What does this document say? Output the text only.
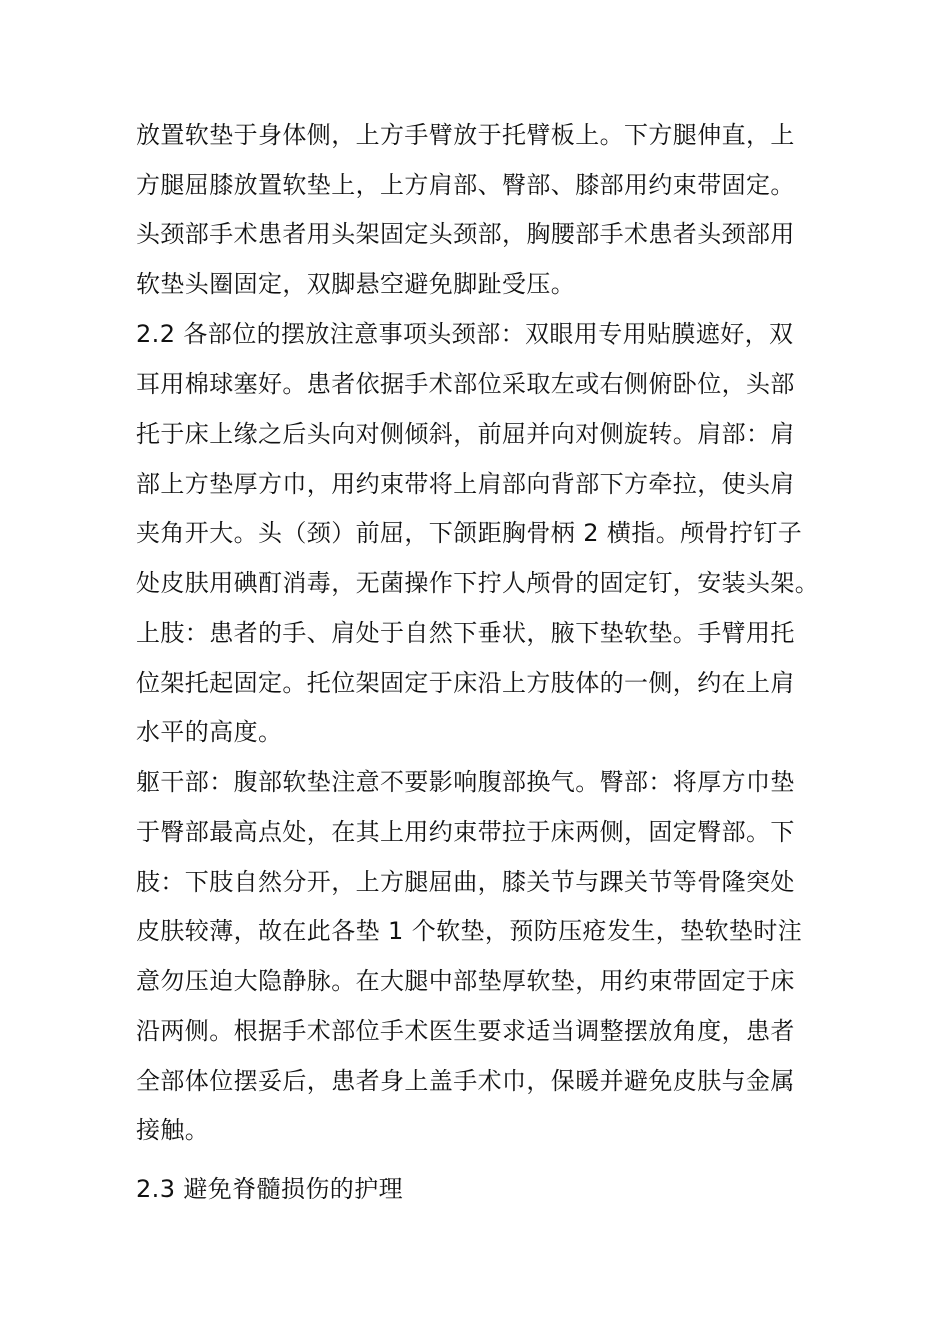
放置软垫于身体侧，上方手臂放于托臂板上。下方腿伸直，上

方腿屈膝放置软垫上，上方肩部、臀部、膝部用约束带固定。

头颈部手术患者用头架固定头颈部，胸腰部手术患者头颈部用

软垫头圈固定，双脚悬空避免脚趾受压。

2.2 各部位的摆放注意事项头颈部：双眼用专用贴膜遮好，双

耳用棉球塞好。患者依据手术部位采取左或右侧俯卧位，头部

托于床上缘之后头向对侧倾斜，前屈并向对侧旋转。肩部：肩

部上方垫厚方巾，用约束带将上肩部向背部下方牵拉，使头肩

夹角开大。头（颈）前屈，下颌距胸骨柄 2 横指。颅骨拧钉子

处皮肤用碘酊消毒，无菌操作下拧人颅骨的固定钉，安装头架。

上肢：患者的手、肩处于自然下垂状，腋下垫软垫。手臂用托

位架托起固定。托位架固定于床沿上方肢体的一侧，约在上肩

水平的高度。

躯干部：腹部软垫注意不要影响腹部换气。臀部：将厚方巾垫

于臀部最高点处，在其上用约束带拉于床两侧，固定臀部。下

肢：下肢自然分开，上方腿屈曲，膝关节与踝关节等骨隆突处

皮肤较薄，故在此各垫 1 个软垫，预防压疮发生，垫软垫时注

意勿压迫大隐静脉。在大腿中部垫厚软垫，用约束带固定于床

沿两侧。根据手术部位手术医生要求适当调整摆放角度，患者

全部体位摆妥后，患者身上盖手术巾，保暖并避免皮肤与金属

接触。

2.3 避免脊髓损伤的护理
